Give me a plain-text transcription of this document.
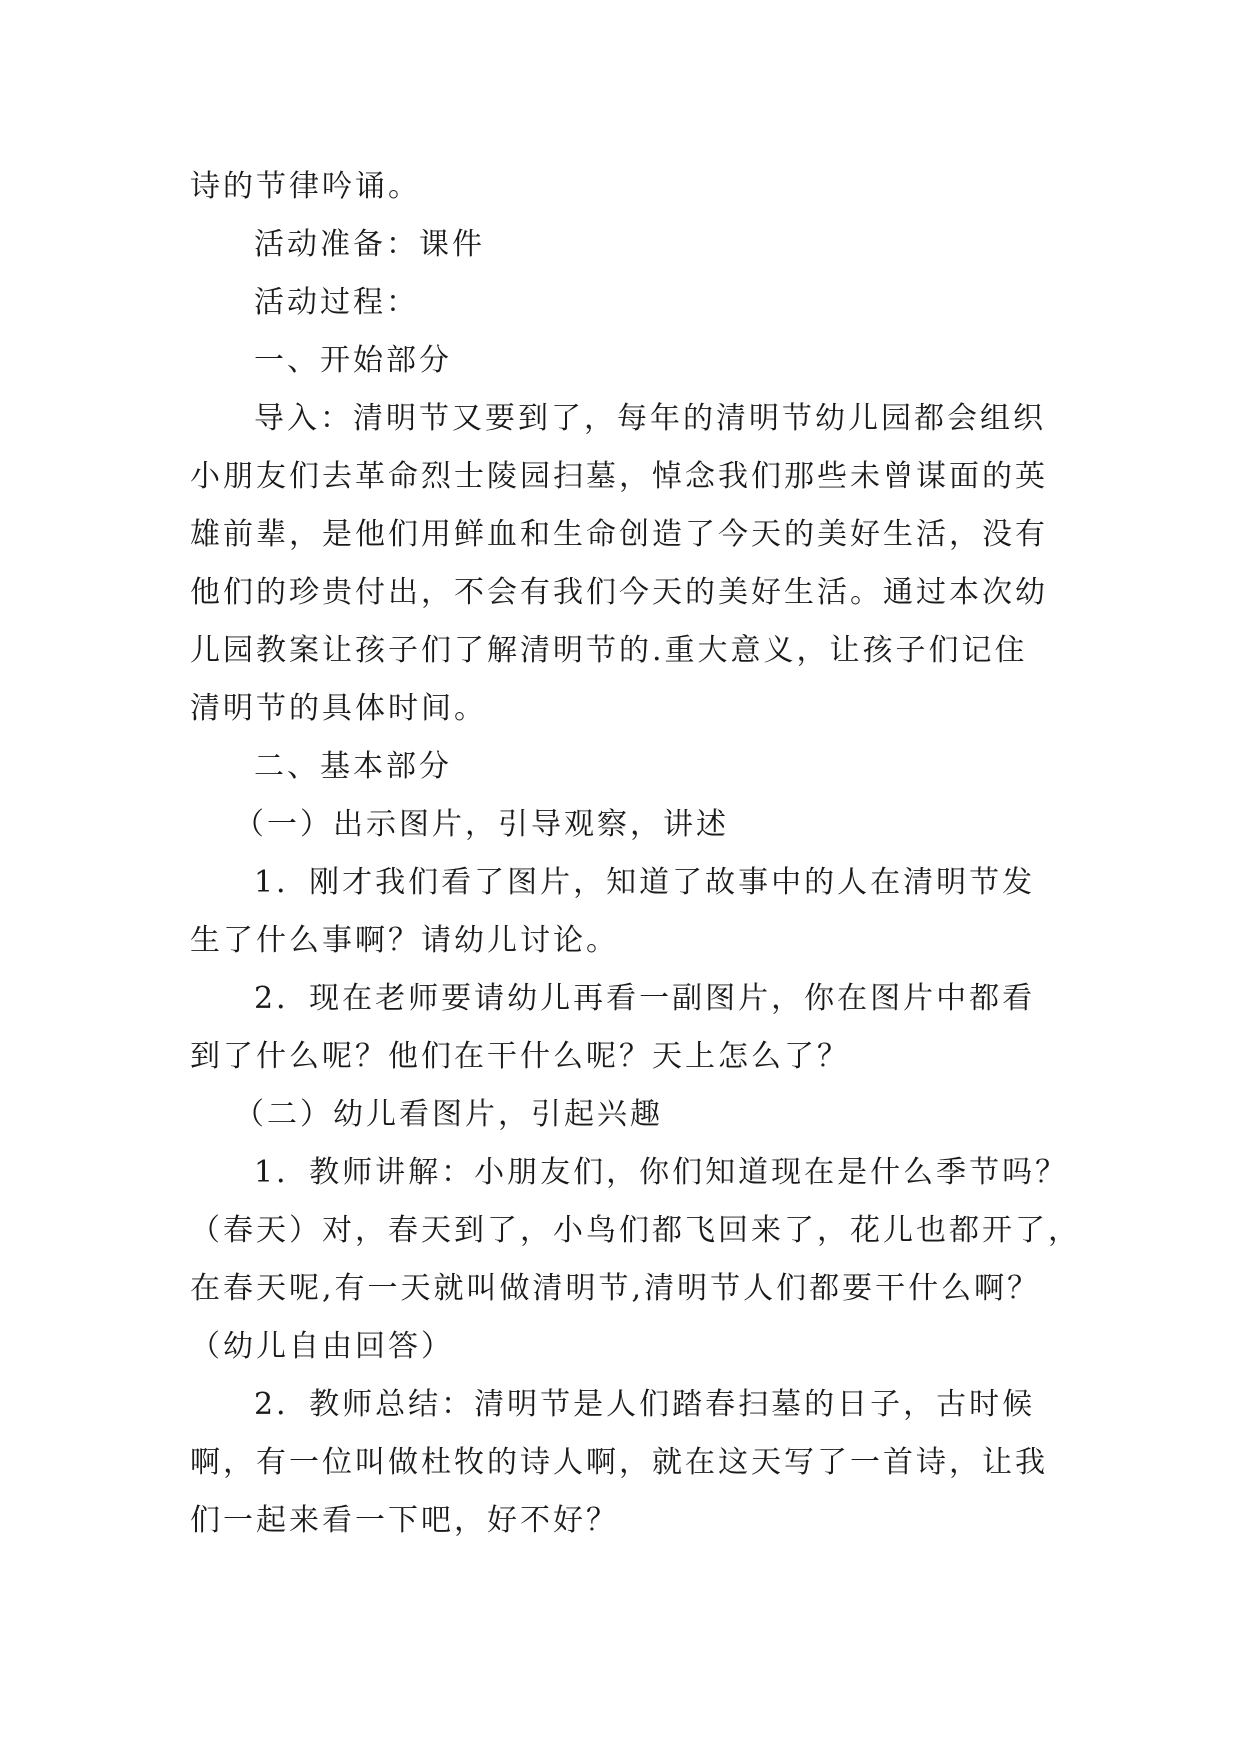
诗的节律吟诵。
活动准备：课件
活动过程：
一、开始部分
导入：清明节又要到了，每年的清明节幼儿园都会组织
小朋友们去革命烈士陵园扫墓，悼念我们那些未曾谋面的英
雄前辈，是他们用鲜血和生命创造了今天的美好生活，没有
他们的珍贵付出，不会有我们今天的美好生活。通过本次幼
儿园教案让孩子们了解清明节的.重大意义，让孩子们记住
清明节的具体时间。
二、基本部分
（一）出示图片，引导观察，讲述
1．刚才我们看了图片，知道了故事中的人在清明节发
生了什么事啊？请幼儿讨论。
2．现在老师要请幼儿再看一副图片，你在图片中都看
到了什么呢？他们在干什么呢？天上怎么了？
（二）幼儿看图片，引起兴趣
1．教师讲解：小朋友们，你们知道现在是什么季节吗？
（春天）对，春天到了，小鸟们都飞回来了，花儿也都开了，
在春天呢,有一天就叫做清明节,清明节人们都要干什么啊？
（幼儿自由回答）
2．教师总结：清明节是人们踏春扫墓的日子，古时候
啊，有一位叫做杜牧的诗人啊，就在这天写了一首诗，让我
们一起来看一下吧，好不好？
